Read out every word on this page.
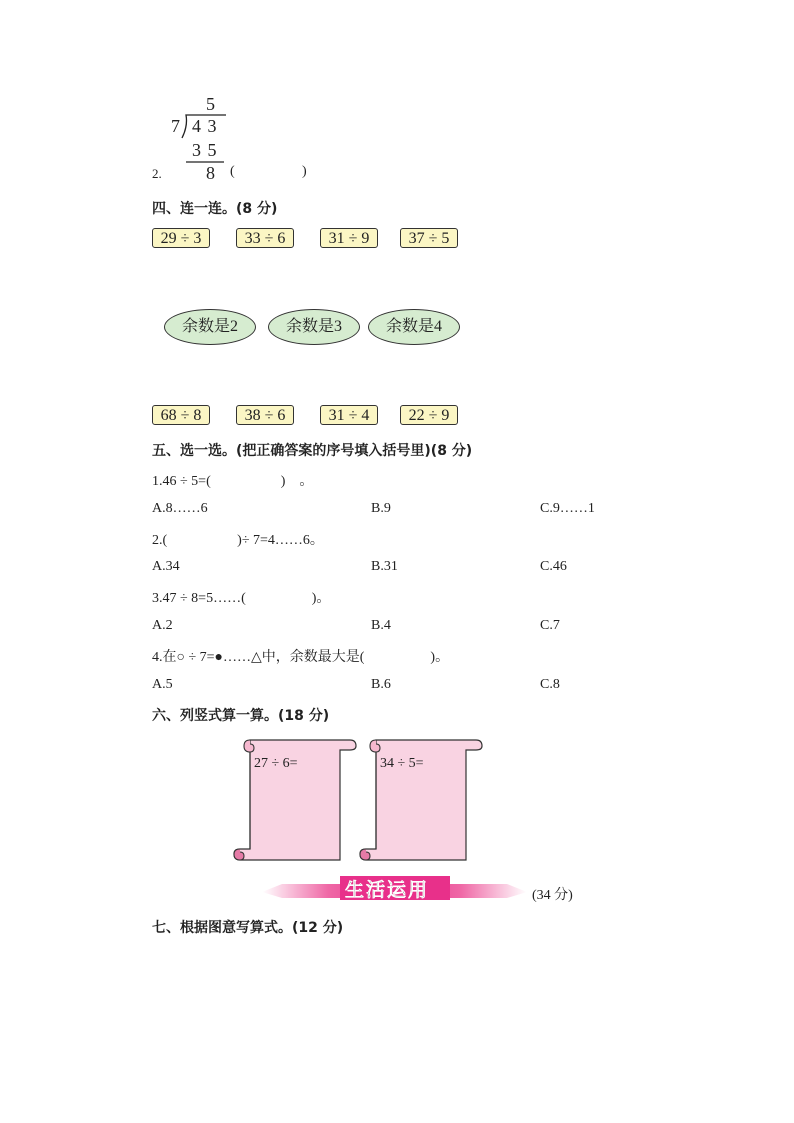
5
7 4 3
3 5
8
2.	(	)
四、连一连。(8 分)
29 ÷ 3	33 ÷ 6	31 ÷ 9	37 ÷ 5
余数是2	余数是3	余数是4
68 ÷ 8	38 ÷ 6	31 ÷ 4	22 ÷ 9
五、选一选。(把正确答案的序号填入括号里)(8 分)
1.46 ÷ 5=(	)　。
A.8……6	B.9	C.9……1
2.(	)÷ 7=4……6。
A.34	B.31	C.46
3.47 ÷ 8=5……(	)。
A.2	B.4	C.7
4.在○ ÷ 7=●……△中，余数最大是(	)。
A.5	B.6	C.8
六、列竖式算一算。(18 分)
27 ÷ 6=	34 ÷ 5=
生活运用	(34 分)
七、根据图意写算式。(12 分)
